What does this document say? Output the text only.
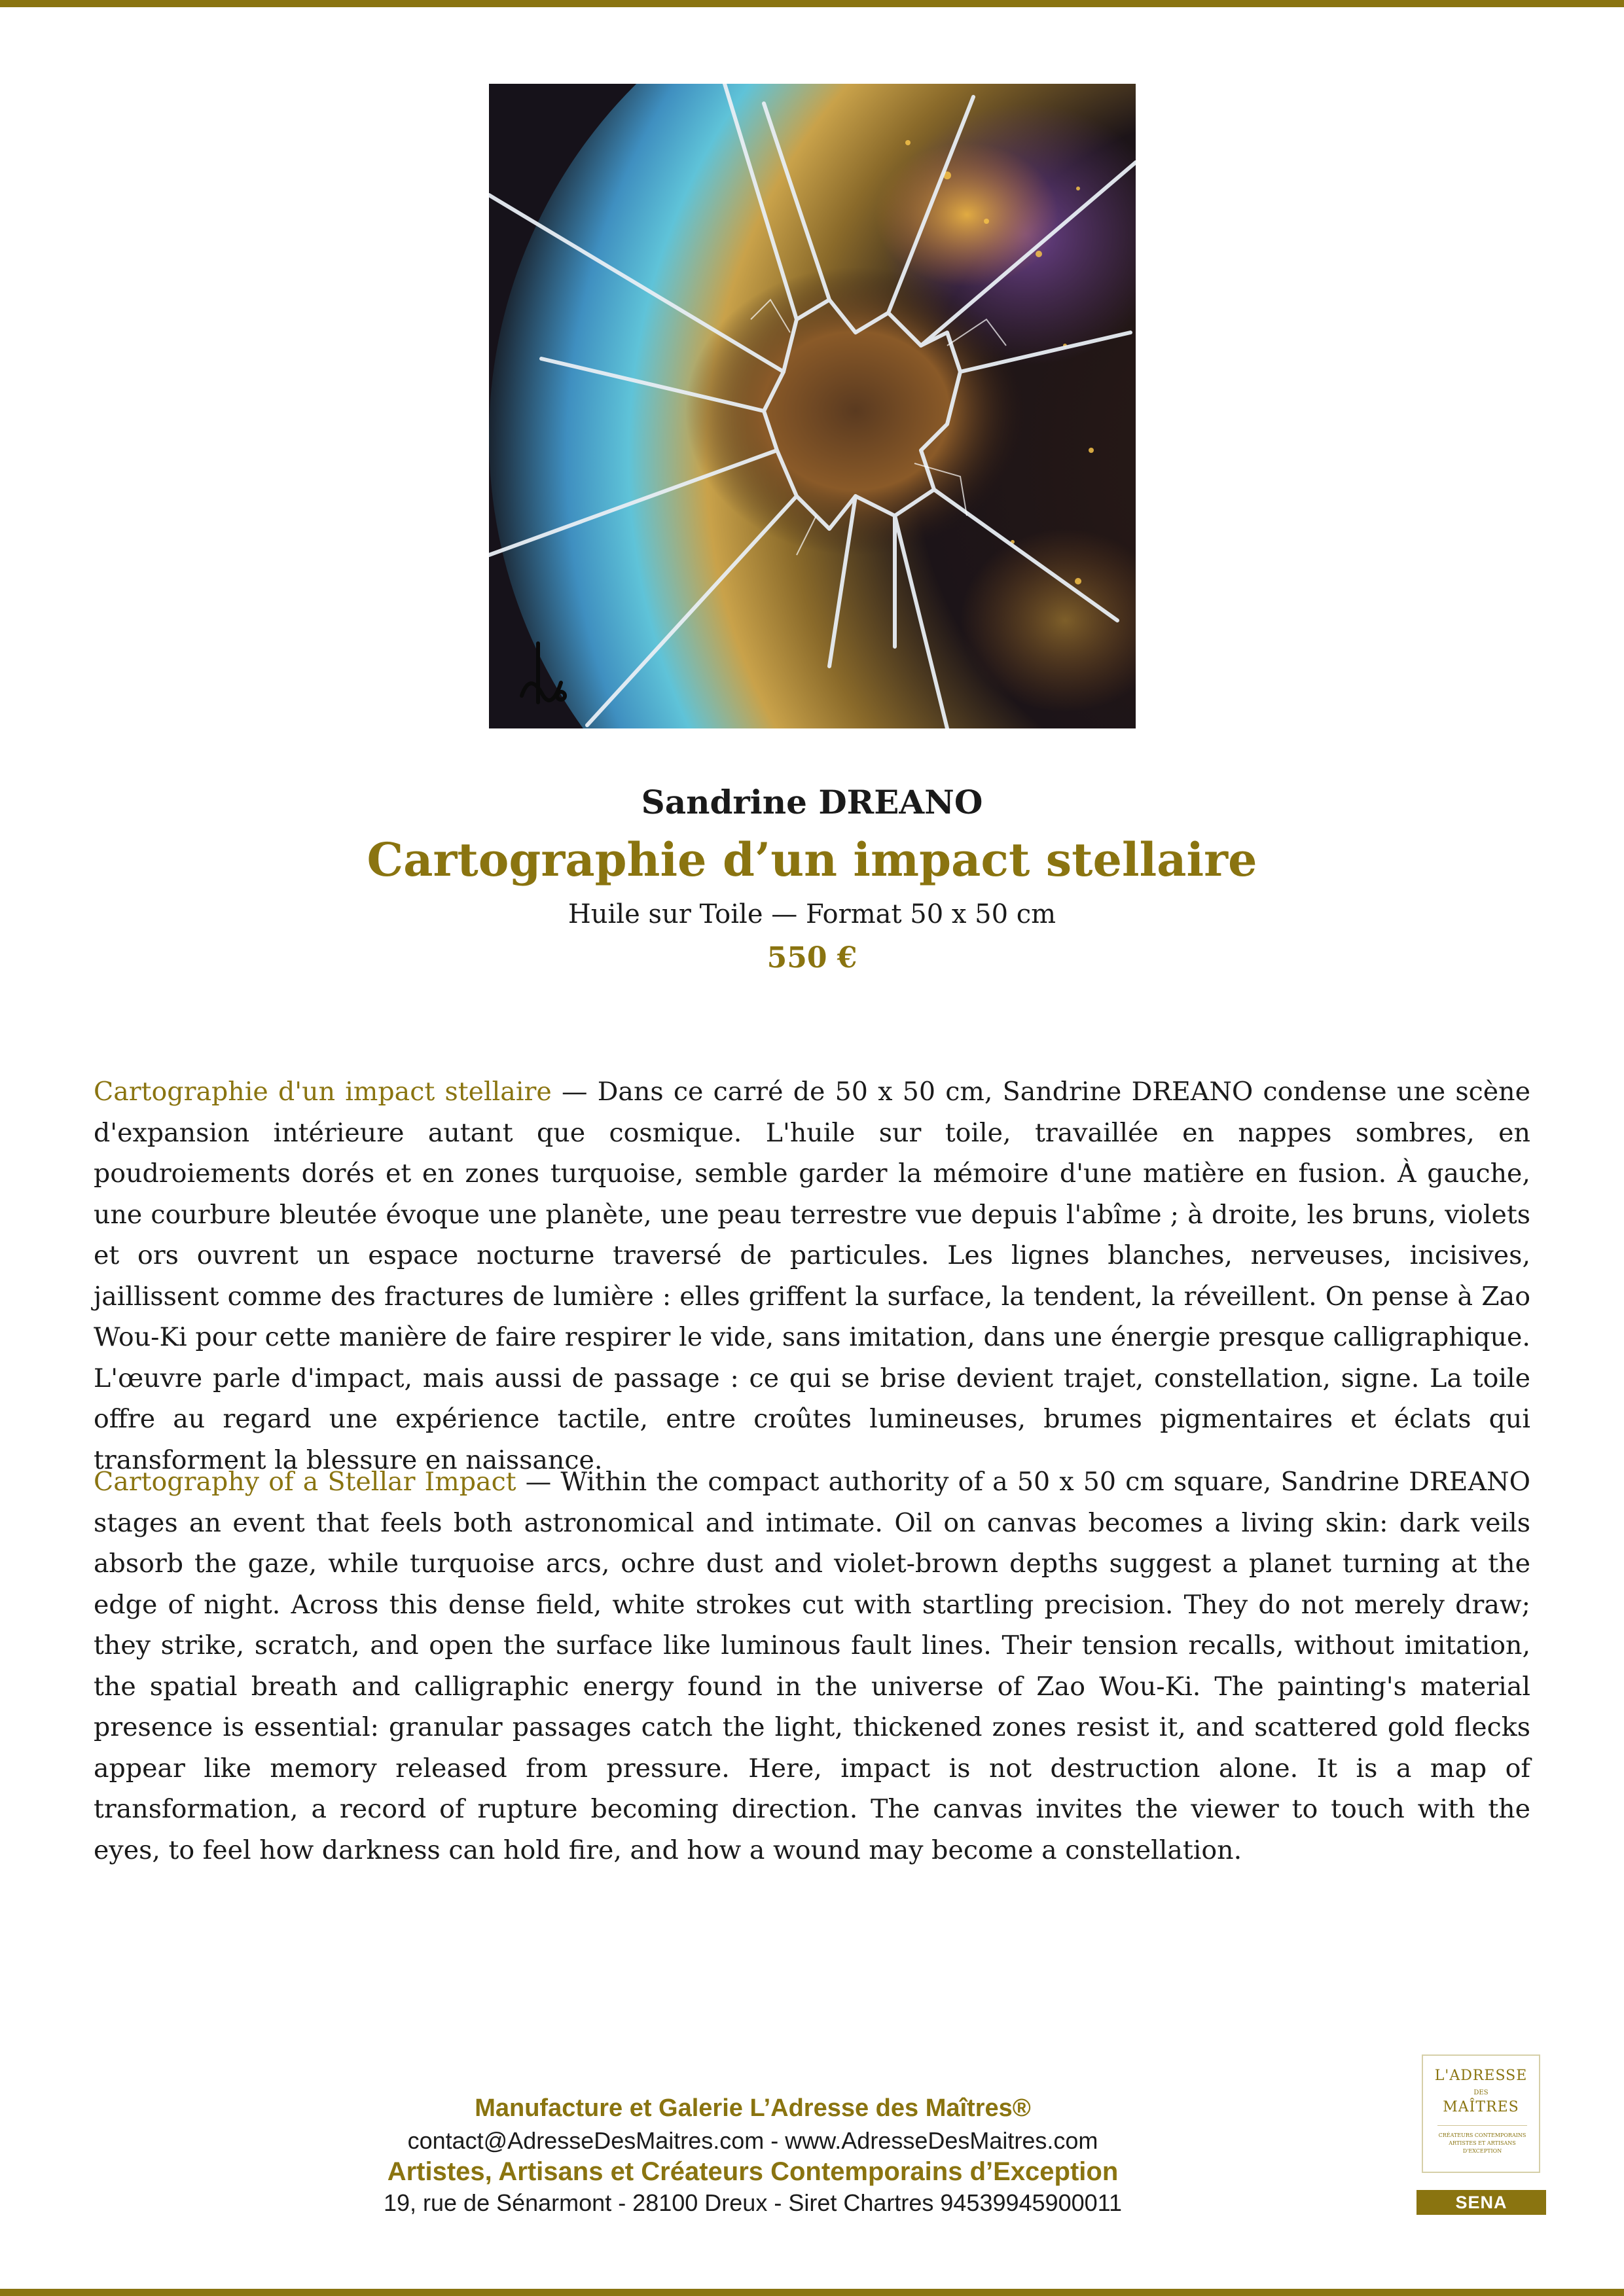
Sandrine DREANO
Cartographie d’un impact stellaire
Huile sur Toile — Format 50 x 50 cm
550 €
Cartographie d'un impact stellaire — Dans ce carré de 50 x 50 cm, Sandrine DREANO condense une scène d'expansion intérieure autant que cosmique. L'huile sur toile, travaillée en nappes sombres, en poudroiements dorés et en zones turquoise, semble garder la mémoire d'une matière en fusion. À gauche, une courbure bleutée évoque une planète, une peau terrestre vue depuis l'abîme ; à droite, les bruns, violets et ors ouvrent un espace nocturne traversé de particules. Les lignes blanches, nerveuses, incisives, jaillissent comme des fractures de lumière : elles griffent la surface, la tendent, la réveillent. On pense à Zao Wou-Ki pour cette manière de faire respirer le vide, sans imitation, dans une énergie presque calligraphique. L'œuvre parle d'impact, mais aussi de passage : ce qui se brise devient trajet, constellation, signe. La toile offre au regard une expérience tactile, entre croûtes lumineuses, brumes pigmentaires et éclats qui transforment la blessure en naissance.
Cartography of a Stellar Impact — Within the compact authority of a 50 x 50 cm square, Sandrine DREANO stages an event that feels both astronomical and intimate. Oil on canvas becomes a living skin: dark veils absorb the gaze, while turquoise arcs, ochre dust and violet-brown depths suggest a planet turning at the edge of night. Across this dense field, white strokes cut with startling precision. They do not merely draw; they strike, scratch, and open the surface like luminous fault lines. Their tension recalls, without imitation, the spatial breath and calligraphic energy found in the universe of Zao Wou-Ki. The painting's material presence is essential: granular passages catch the light, thickened zones resist it, and scattered gold flecks appear like memory released from pressure. Here, impact is not destruction alone. It is a map of transformation, a record of rupture becoming direction. The canvas invites the viewer to touch with the eyes, to feel how darkness can hold fire, and how a wound may become a constellation.
Manufacture et Galerie L’Adresse des Maîtres®
contact@AdresseDesMaitres.com - www.AdresseDesMaitres.com
Artistes, Artisans et Créateurs Contemporains d’Exception
19, rue de Sénarmont - 28100 Dreux - Siret Chartres 94539945900011
L'ADRESSE
DES
MAÎTRES
CRÉATEURS CONTEMPORAINS ARTISTES ET ARTISANS D'EXCEPTION
SENA
